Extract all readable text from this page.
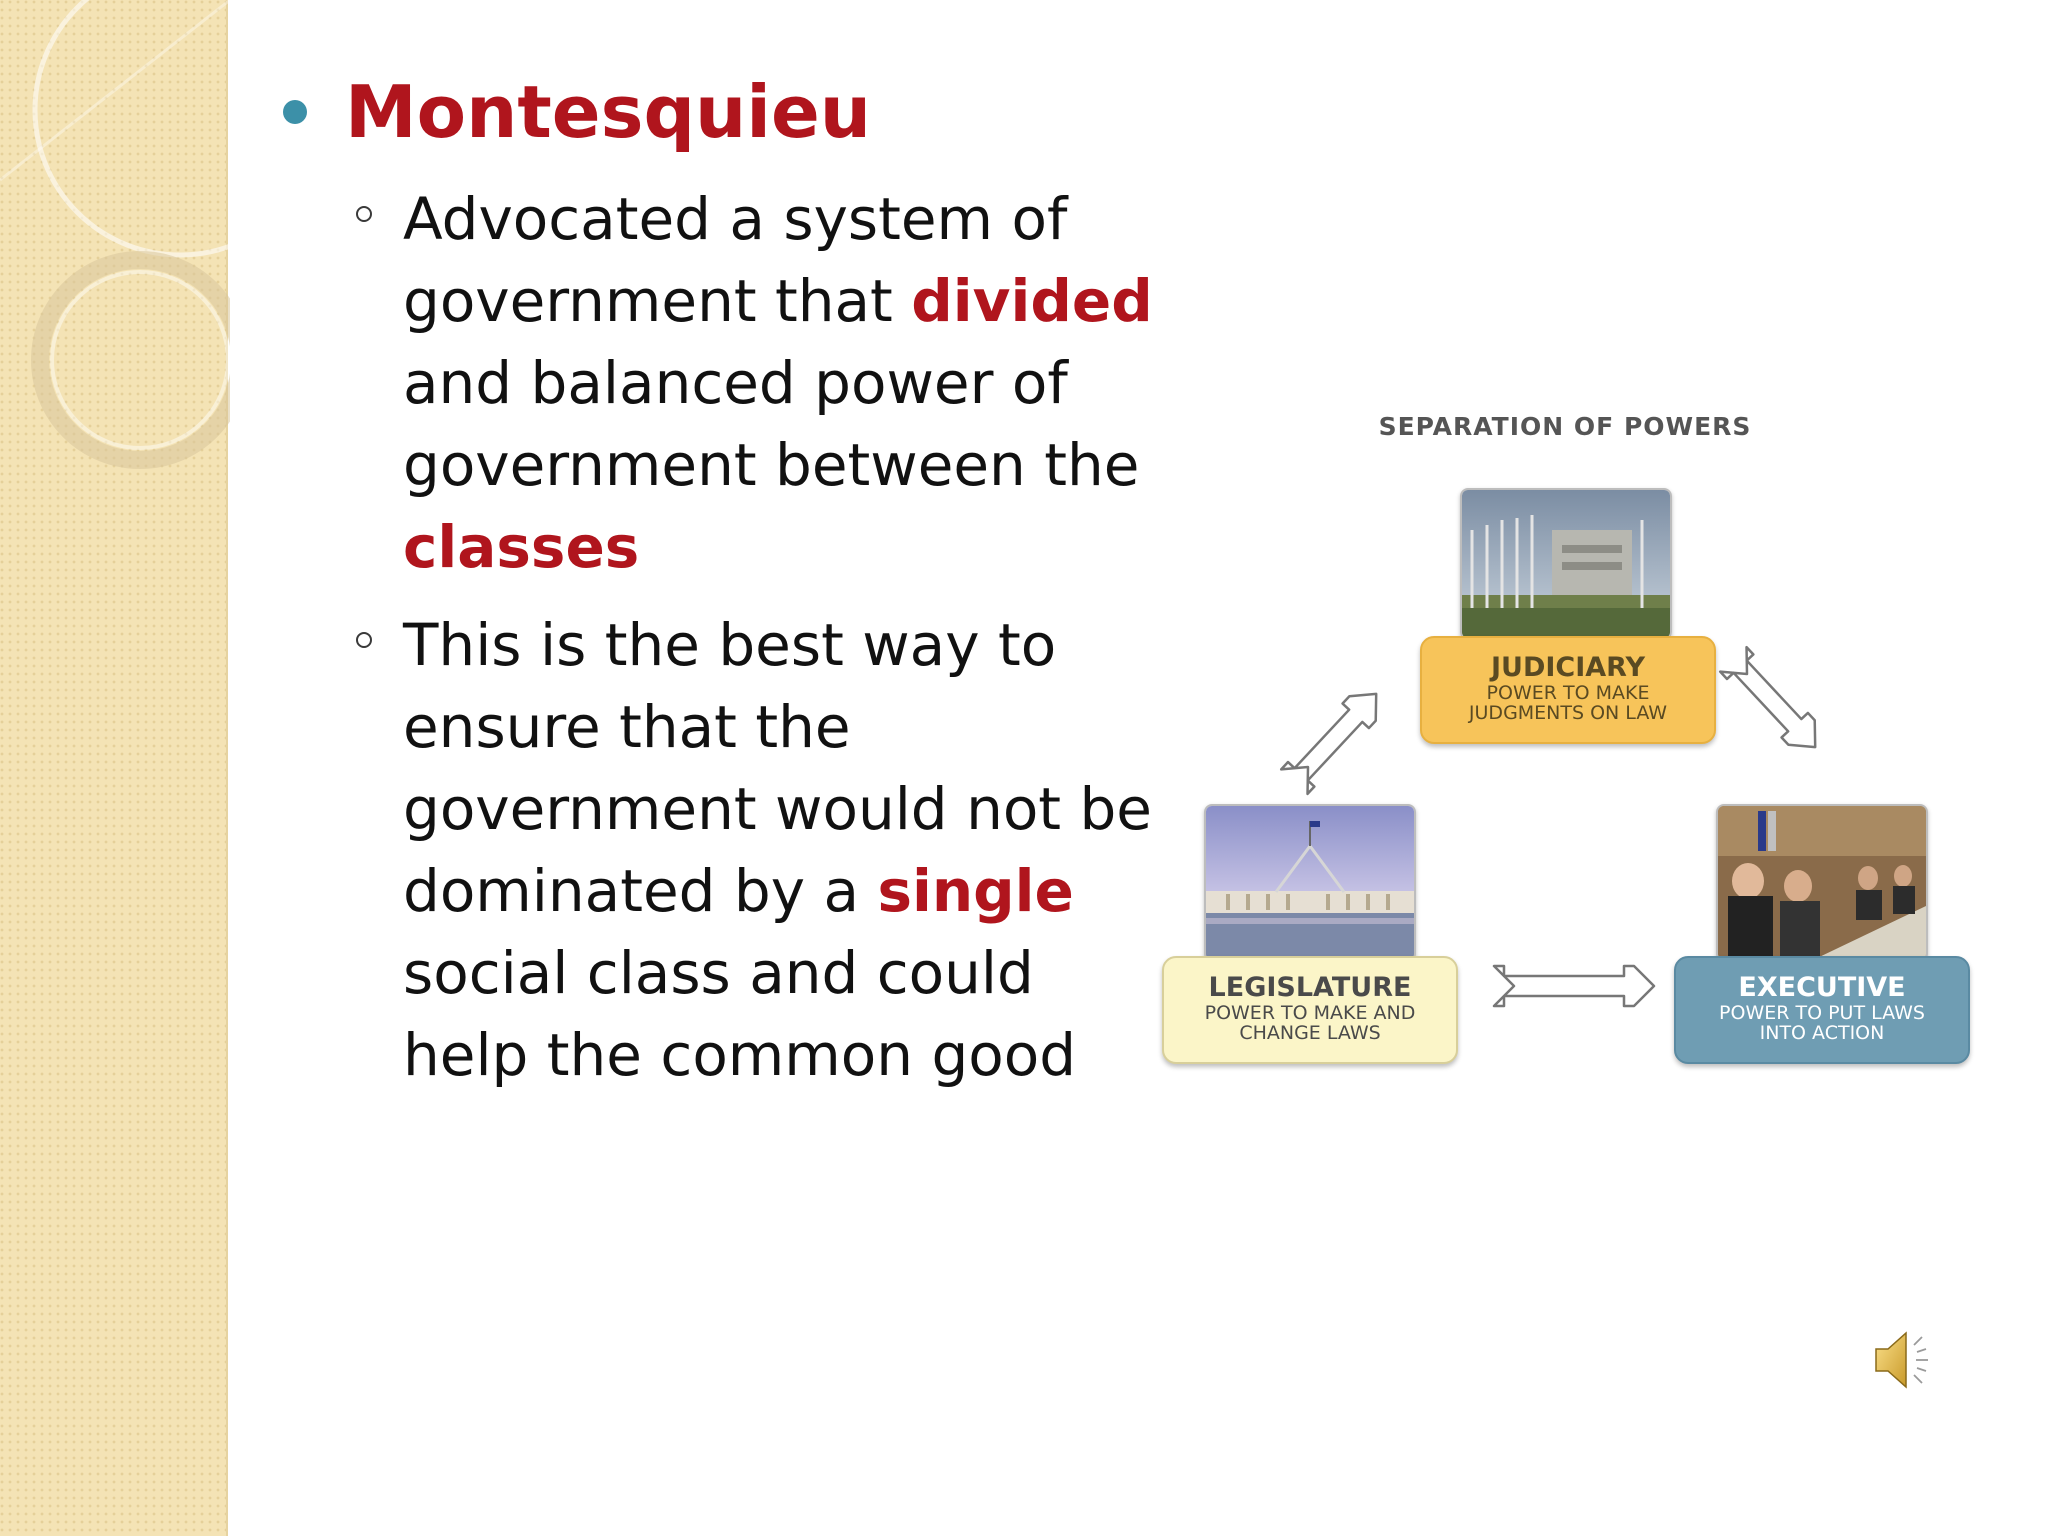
Montesquieu
Advocated a system of
government that divided
and balanced power of
government between the
classes
This is the best way to
ensure that the
government would not be
dominated by a single
social class and could
help the common good
SEPARATION OF POWERS
JUDICIARY
POWER TO MAKE JUDGMENTS ON LAW
LEGISLATURE
POWER TO MAKE AND CHANGE LAWS
EXECUTIVE
POWER TO PUT LAWS INTO ACTION
